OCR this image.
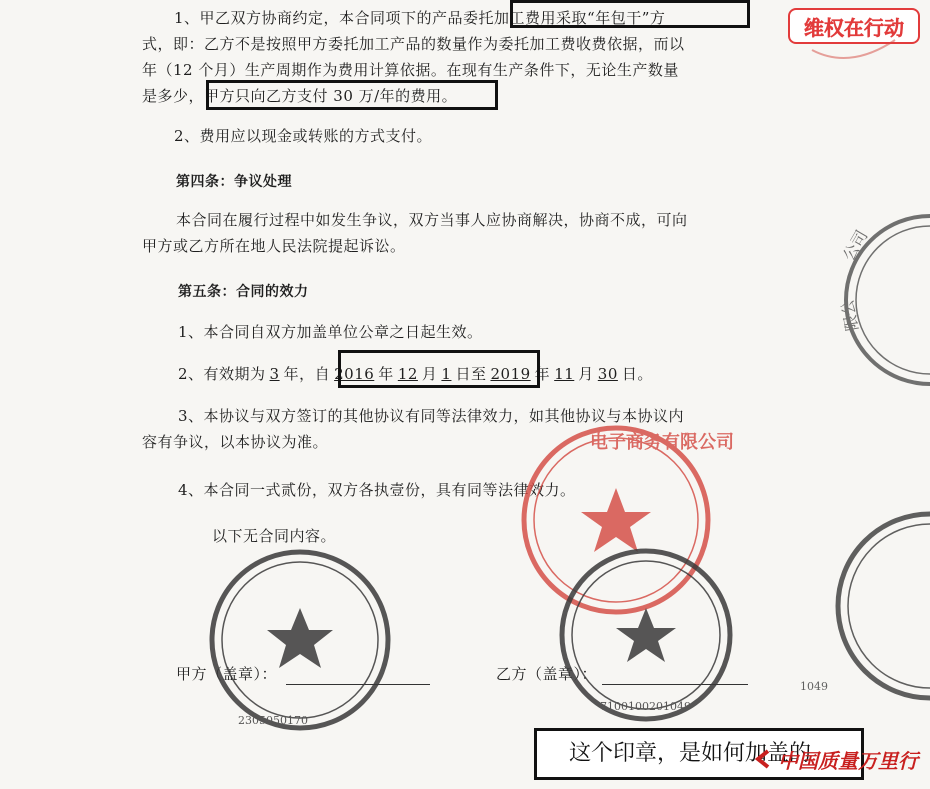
维权在行动
1、甲乙双方协商约定，本合同项下的产品委托加工费用采取“年包干”方
式，即：乙方不是按照甲方委托加工产品的数量作为委托加工费收费依据，而以
年（12 个月）生产周期作为费用计算依据。在现有生产条件下，无论生产数量
是多少，甲方只向乙方支付 30 万/年的费用。
2、费用应以现金或转账的方式支付。
第四条：争议处理
本合同在履行过程中如发生争议，双方当事人应协商解决，协商不成，可向
甲方或乙方所在地人民法院提起诉讼。
第五条：合同的效力
1、本合同自双方加盖单位公章之日起生效。
2、有效期为 3 年，自 2016 年 12 月 1 日至 2019 年 11 月 30 日。
3、本协议与双方签订的其他协议有同等法律效力，如其他协议与本协议内
容有争议，以本协议为准。
4、本合同一式贰份，双方各执壹份，具有同等法律效力。
以下无合同内容。
甲方（盖章）：	乙方（盖章）：
公司
限公
电子商务有限公司
7100100201049
2305050170
1049
这个印章，是如何加盖的
中国质量万里行
